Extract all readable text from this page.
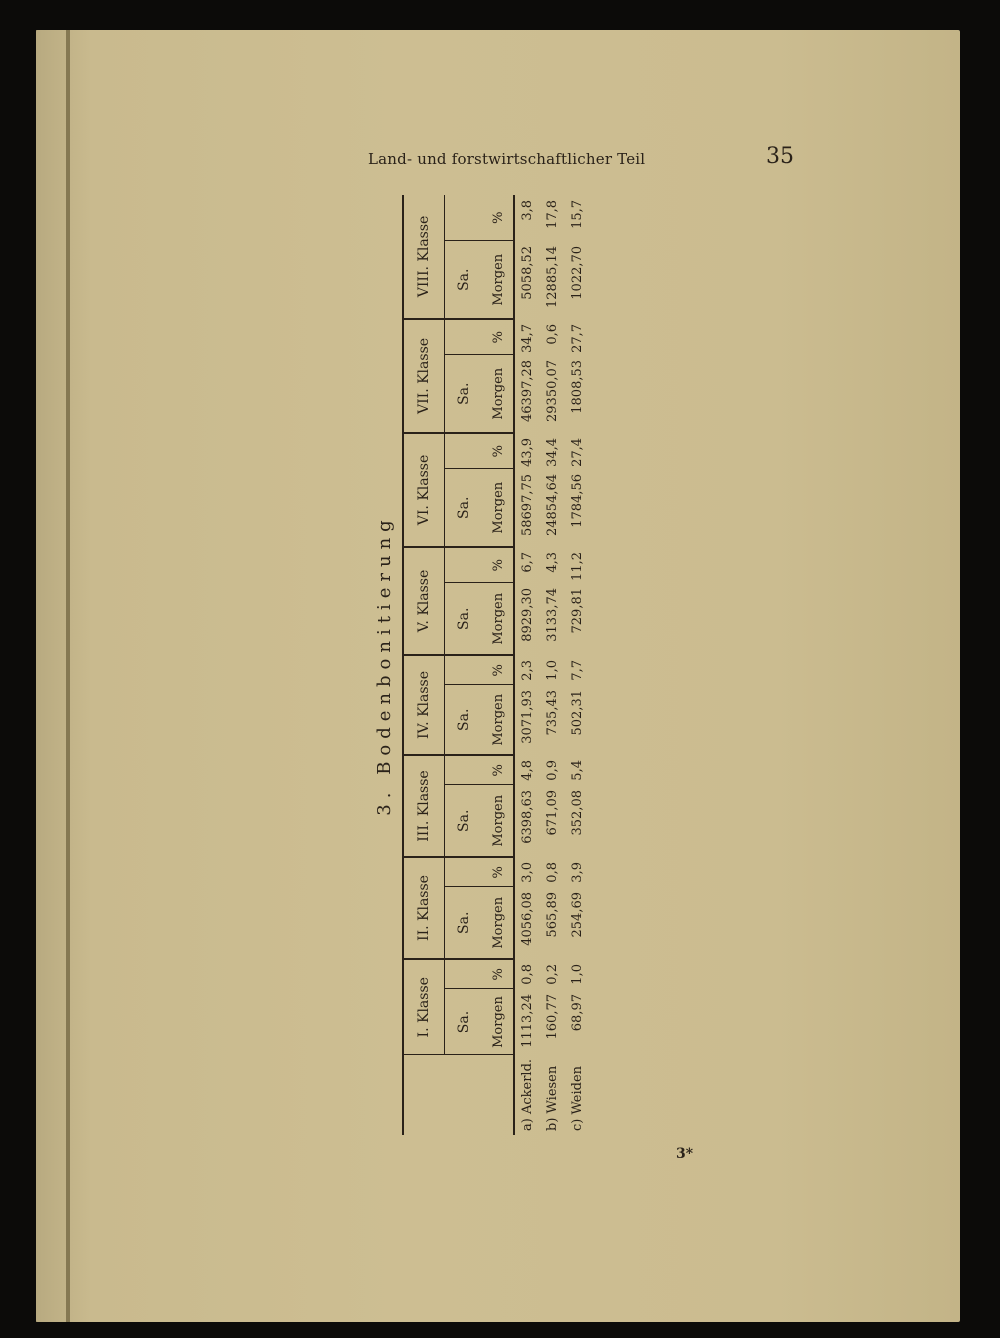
Land- und forstwirtschaftlicher Teil	35
3. Bodenbonitierung
	I. Klasse		II. Klasse		III. Klasse		IV. Klasse		V. Klasse		VI. Klasse		VII. Klasse		VIII. Klasse	
	Sa.		Sa.		Sa.		Sa.		Sa.		Sa.		Sa.		Sa.	
	Morgen	%	Morgen	%	Morgen	%	Morgen	%	Morgen	%	Morgen	%	Morgen	%	Morgen	%
a) Ackerld.	1113,24	0,8	4056,08	3,0	6398,63	4,8	3071,93	2,3	8929,30	6,7	58697,75	43,9	46397,28	34,7	5058,52	3,8
b) Wiesen	160,77	0,2	565,89	0,8	671,09	0,9	735,43	1,0	3133,74	4,3	24854,64	34,4	29350,07	0,6	12885,14	17,8
c) Weiden	68,97	1,0	254,69	3,9	352,08	5,4	502,31	7,7	729,81	11,2	1784,56	27,4	1808,53	27,7	1022,70	15,7
3*
